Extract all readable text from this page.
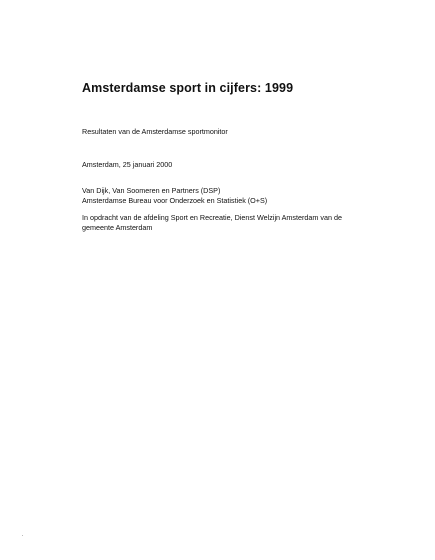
Amsterdamse sport in cijfers: 1999
Resultaten van de Amsterdamse sportmonitor
Amsterdam, 25 januari 2000
Van Dijk, Van Soomeren en Partners (DSP)
Amsterdamse Bureau voor Onderzoek en Statistiek (O+S)
In opdracht van de afdeling Sport en Recreatie, Dienst Welzijn Amsterdam van de
gemeente Amsterdam
